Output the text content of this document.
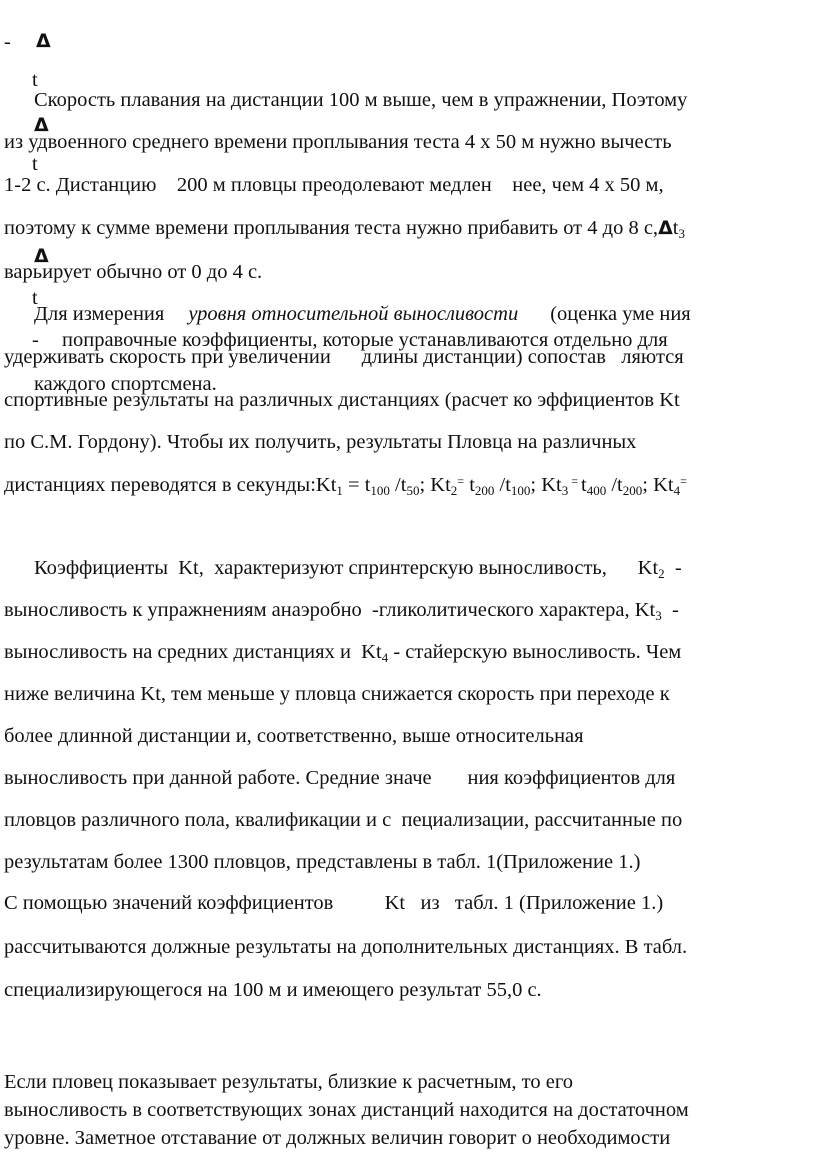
- Δ
t
Δ
t
Δ
t
- поправочные коэффициенты, которые устанавливаются отдельно для
каждого спортсмена.
Скорость плавания на дистанции 100 м выше, чем в упражнении, Поэтому
из удвоенного среднего времени проплывания теста 4 х 50 м нужно вычесть
1-2 с. Дистанцию    200 м пловцы преодолевают медлен    нее, чем 4 х 50 м,
поэтому к сумме времени проплывания теста нужно прибавить от 4 до 8 $с,\Delta t_3$
варьирует обычно от 0 до 4 с.
Для измерения уровня относительной выносливости (оценка уме ния
удерживать скорость при увеличении      длины дистанции) сопостав   ляются
спортивные результаты на различных дистанциях (расчет ко эффициентов Kt
по С.М. Гордону). Чтобы их получить, результаты Пловца на различных
дистанциях переводятся в $секунды:Kt_1 = t_{100}$ $/t_{50}$; $Kt_2^=$ $t_{200}$ $/t_{100}$; $Kt_3$ = $t_{400}$ $/t_{200}$; $Kt_4^=$
Коэффициенты  Kt,  характеризуют спринтерскую выносливость,      $Kt_2$  -
выносливость к упражнениям анаэробно  -гликолитического характера, $Kt_3$  -
выносливость на средних дистанциях и  $Kt_4$ - стайерскую выносливость. Чем
ниже величина Kt, тем меньше у пловца снижается скорость при переходе к
более длинной дистанции и, соответственно, выше относительная
выносливость при данной работе. Средние значе       ния коэффициентов для
пловцов различного пола, квалификации и с  пециализации, рассчитанные по
результатам более 1300 пловцов, представлены в табл. 1(Приложение 1.)
С помощью значений коэффициентов          Kt   из   табл. 1 (Приложение 1.)
рассчитываются должные результаты на дополнительных дистанциях. В табл.
специализирующегося на 100 м и имеющего результат 55,0 с.
Если пловец показывает результаты, близкие к расчетным, то его
выносливость в соответствующих зонах дистанций находится на достаточном
уровне. Заметное отставание от должных величин говорит о необходимости
